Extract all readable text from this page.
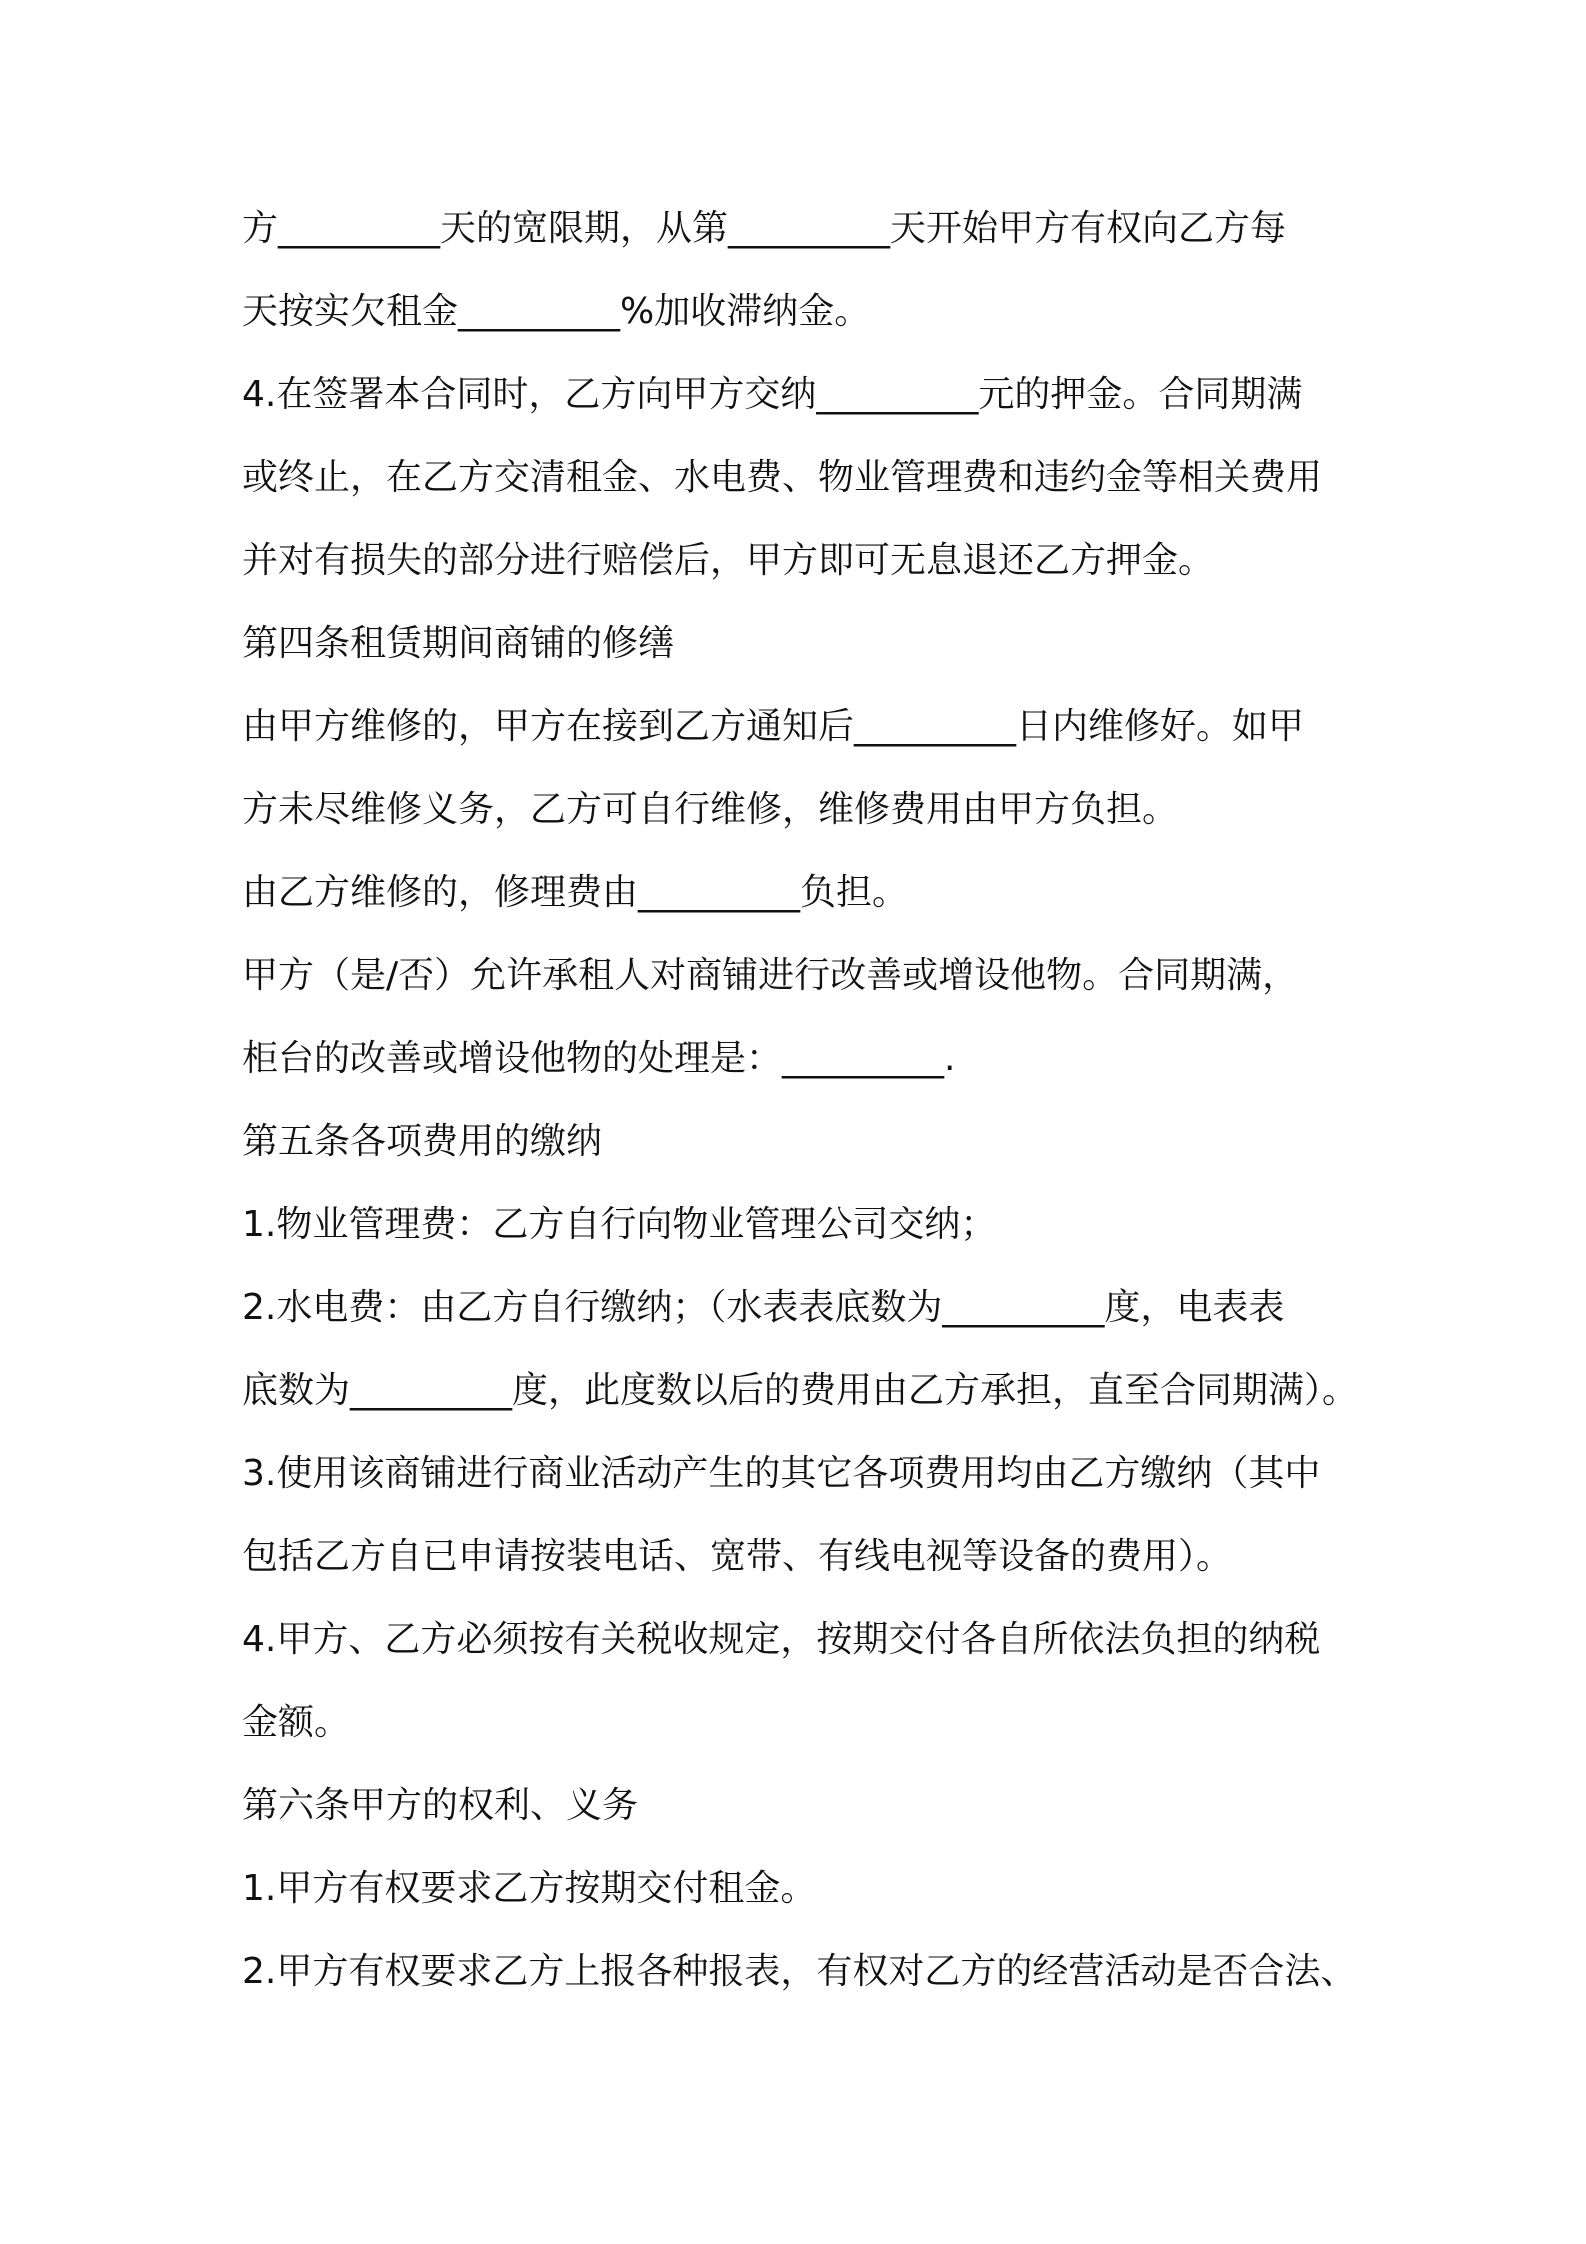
方_________天的宽限期，从第_________天开始甲方有权向乙方每
天按实欠租金_________%加收滞纳金。
4.在签署本合同时，乙方向甲方交纳_________元的押金。合同期满
或终止，在乙方交清租金、水电费、物业管理费和违约金等相关费用
并对有损失的部分进行赔偿后，甲方即可无息退还乙方押金。
第四条租赁期间商铺的修缮
由甲方维修的，甲方在接到乙方通知后_________日内维修好。如甲
方未尽维修义务，乙方可自行维修，维修费用由甲方负担。
由乙方维修的，修理费由_________负担。
甲方（是/否）允许承租人对商铺进行改善或增设他物。合同期满，
柜台的改善或增设他物的处理是：_________.
第五条各项费用的缴纳
1.物业管理费：乙方自行向物业管理公司交纳；
2.水电费：由乙方自行缴纳；（水表表底数为_________度，电表表
底数为_________度，此度数以后的费用由乙方承担，直至合同期满）。
3.使用该商铺进行商业活动产生的其它各项费用均由乙方缴纳（其中
包括乙方自已申请按装电话、宽带、有线电视等设备的费用）。
4.甲方、乙方必须按有关税收规定，按期交付各自所依法负担的纳税
金额。
第六条甲方的权利、义务
1.甲方有权要求乙方按期交付租金。
2.甲方有权要求乙方上报各种报表，有权对乙方的经营活动是否合法、
